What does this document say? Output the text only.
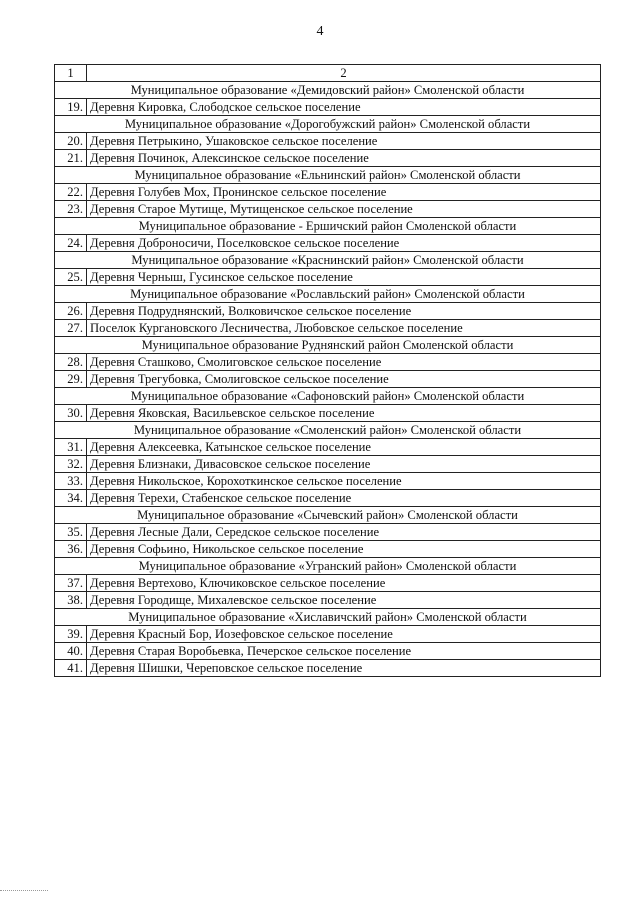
4
1	2
Муниципальное образование «Демидовский район» Смоленской области	
19.	Деревня Кировка, Слободское сельское поселение
Муниципальное образование «Дорогобужский район» Смоленской области	
20.	Деревня Петрыкино, Ушаковское сельское поселение
21.	Деревня Починок, Алексинское сельское поселение
Муниципальное образование «Ельнинский район» Смоленской области	
22.	Деревня Голубев Мох, Пронинское сельское поселение
23.	Деревня Старое Мутище, Мутищенское сельское поселение
Муниципальное образование - Ершичский район Смоленской области	
24.	Деревня Доброносичи, Поселковское сельское поселение
Муниципальное образование «Краснинский район» Смоленской области	
25.	Деревня Черныш, Гусинское сельское поселение
Муниципальное образование «Рославльский район» Смоленской области	
26.	Деревня Подруднянский, Волковичское сельское поселение
27.	Поселок Кургановского Лесничества, Любовское сельское поселение
Муниципальное образование Руднянский район Смоленской области	
28.	Деревня Сташково, Смолиговское сельское поселение
29.	Деревня Трегубовка, Смолиговское сельское поселение
Муниципальное образование «Сафоновский район» Смоленской области	
30.	Деревня Яковская, Васильевское сельское поселение
Муниципальное образование «Смоленский район» Смоленской области	
31.	Деревня Алексеевка, Катынское сельское поселение
32.	Деревня Близнаки, Дивасовское сельское поселение
33.	Деревня Никольское, Корохоткинское сельское поселение
34.	Деревня Терехи, Стабенское сельское поселение
Муниципальное образование «Сычевский район» Смоленской области	
35.	Деревня Лесные Дали, Середское сельское поселение
36.	Деревня Софьино, Никольское сельское поселение
Муниципальное образование «Угранский район» Смоленской области	
37.	Деревня Вертехово, Ключиковское сельское поселение
38.	Деревня Городище, Михалевское сельское поселение
Муниципальное образование «Хиславичский район» Смоленской области	
39.	Деревня Красный Бор, Иозефовское сельское поселение
40.	Деревня Старая Воробьевка, Печерское сельское поселение
41.	Деревня Шишки, Череповское сельское поселение
